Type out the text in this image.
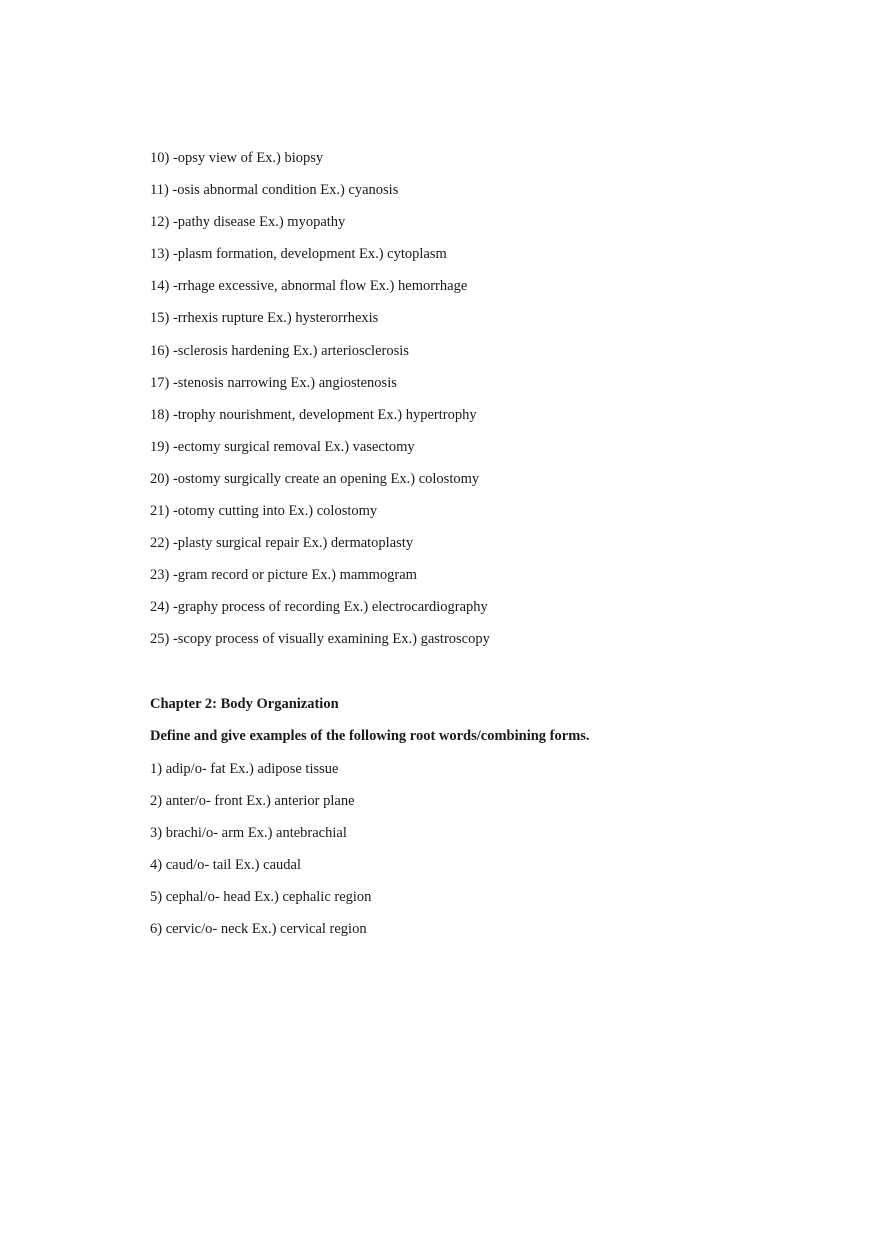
10) -opsy view of Ex.) biopsy
11) -osis abnormal condition Ex.) cyanosis
12) -pathy disease Ex.) myopathy
13) -plasm formation, development Ex.) cytoplasm
14) -rrhage excessive, abnormal flow Ex.) hemorrhage
15) -rrhexis rupture Ex.) hysterorrhexis
16) -sclerosis hardening Ex.) arteriosclerosis
17) -stenosis narrowing Ex.) angiostenosis
18) -trophy nourishment, development Ex.) hypertrophy
19) -ectomy surgical removal Ex.) vasectomy
20) -ostomy surgically create an opening Ex.) colostomy
21) -otomy cutting into Ex.) colostomy
22) -plasty surgical repair Ex.) dermatoplasty
23) -gram record or picture Ex.) mammogram
24) -graphy process of recording Ex.) electrocardiography
25) -scopy process of visually examining Ex.) gastroscopy
Chapter 2: Body Organization
Define and give examples of the following root words/combining forms.
1) adip/o- fat Ex.) adipose tissue
2) anter/o- front Ex.) anterior plane
3) brachi/o- arm Ex.) antebrachial
4) caud/o- tail Ex.) caudal
5) cephal/o- head Ex.) cephalic region
6) cervic/o- neck Ex.) cervical region
